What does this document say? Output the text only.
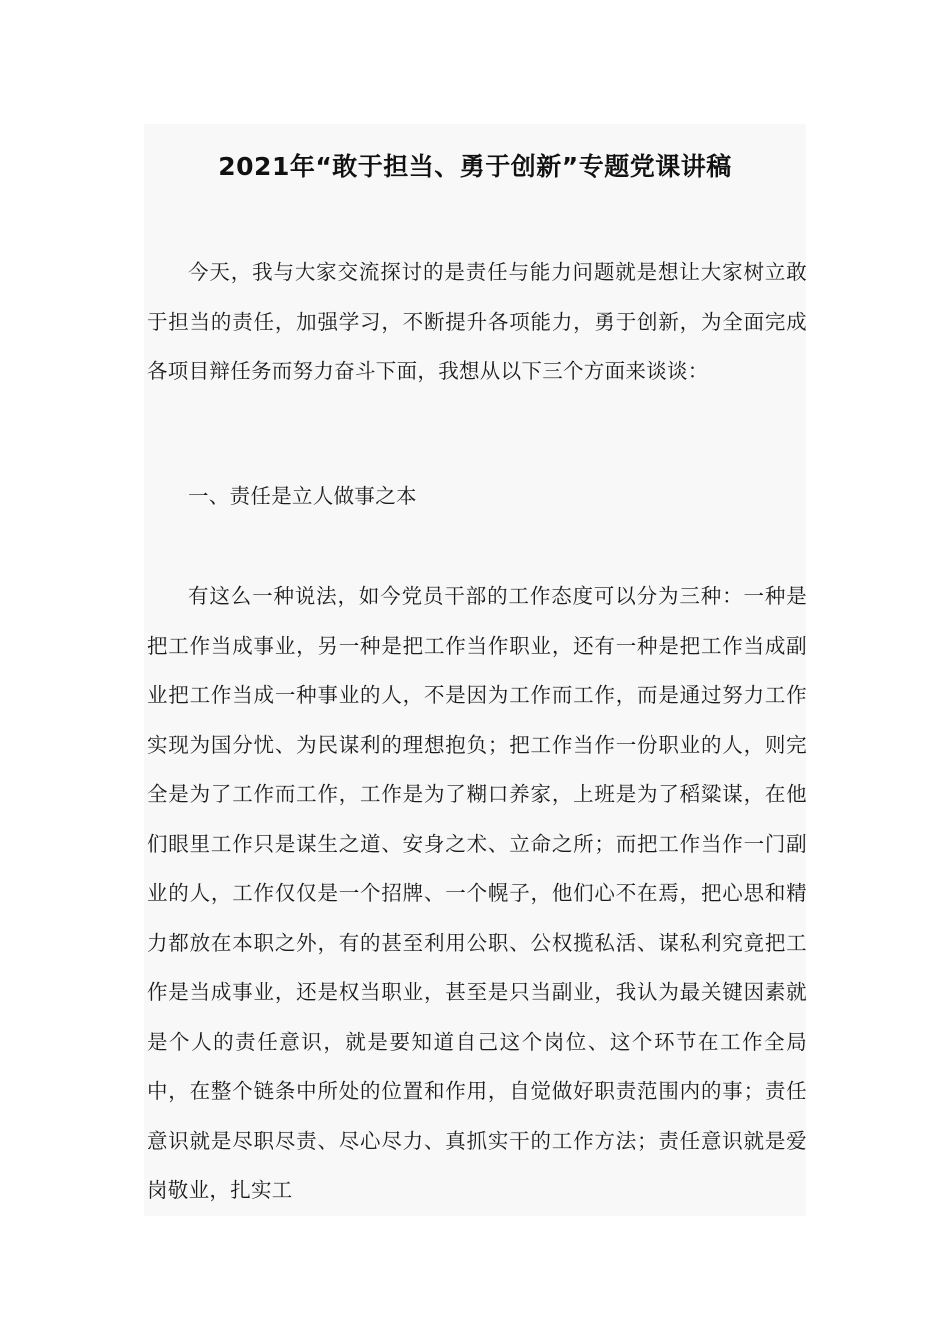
2021年“敢于担当、勇于创新”专题党课讲稿

今天，我与大家交流探讨的是责任与能力问题就是想让大家树立敢于担当的责任，加强学习，不断提升各项能力，勇于创新，为全面完成各项目辩任务而努力奋斗下面，我想从以下三个方面来谈谈：

一、责任是立人做事之本

有这么一种说法，如今党员干部的工作态度可以分为三种：一种是把工作当成事业，另一种是把工作当作职业，还有一种是把工作当成副业把工作当成一种事业的人，不是因为工作而工作，而是通过努力工作实现为国分忧、为民谋利的理想抱负；把工作当作一份职业的人，则完全是为了工作而工作，工作是为了糊口养家，上班是为了稻粱谋，在他们眼里工作只是谋生之道、安身之术、立命之所；而把工作当作一门副业的人，工作仅仅是一个招牌、一个幌子，他们心不在焉，把心思和精力都放在本职之外，有的甚至利用公职、公权揽私活、谋私利究竟把工作是当成事业，还是权当职业，甚至是只当副业，我认为最关键因素就是个人的责任意识，就是要知道自己这个岗位、这个环节在工作全局中，在整个链条中所处的位置和作用，自觉做好职责范围内的事；责任意识就是尽职尽责、尽心尽力、真抓实干的工作方法；责任意识就是爱岗敬业，扎实工
